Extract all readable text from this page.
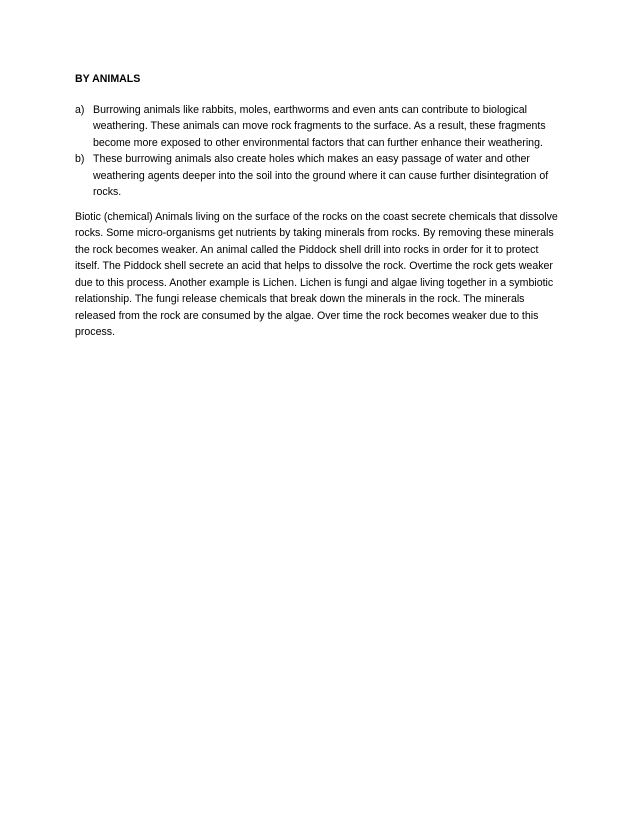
BY ANIMALS
a) Burrowing animals like rabbits, moles, earthworms and even ants can contribute to biological weathering. These animals can move rock fragments to the surface. As a result, these fragments become more exposed to other environmental factors that can further enhance their weathering.
b) These burrowing animals also create holes which makes an easy passage of water and other weathering agents deeper into the soil into the ground where it can cause further disintegration of rocks.

Biotic (chemical) Animals living on the surface of the rocks on the coast secrete chemicals that dissolve rocks. Some micro-organisms get nutrients by taking minerals from rocks. By removing these minerals the rock becomes weaker. An animal called the Piddock shell drill into rocks in order for it to protect itself. The Piddock shell secrete an acid that helps to dissolve the rock. Overtime the rock gets weaker due to this process. Another example is Lichen. Lichen is fungi and algae living together in a symbiotic relationship. The fungi release chemicals that break down the minerals in the rock. The minerals released from the rock are consumed by the algae. Over time the rock becomes weaker due to this process.
